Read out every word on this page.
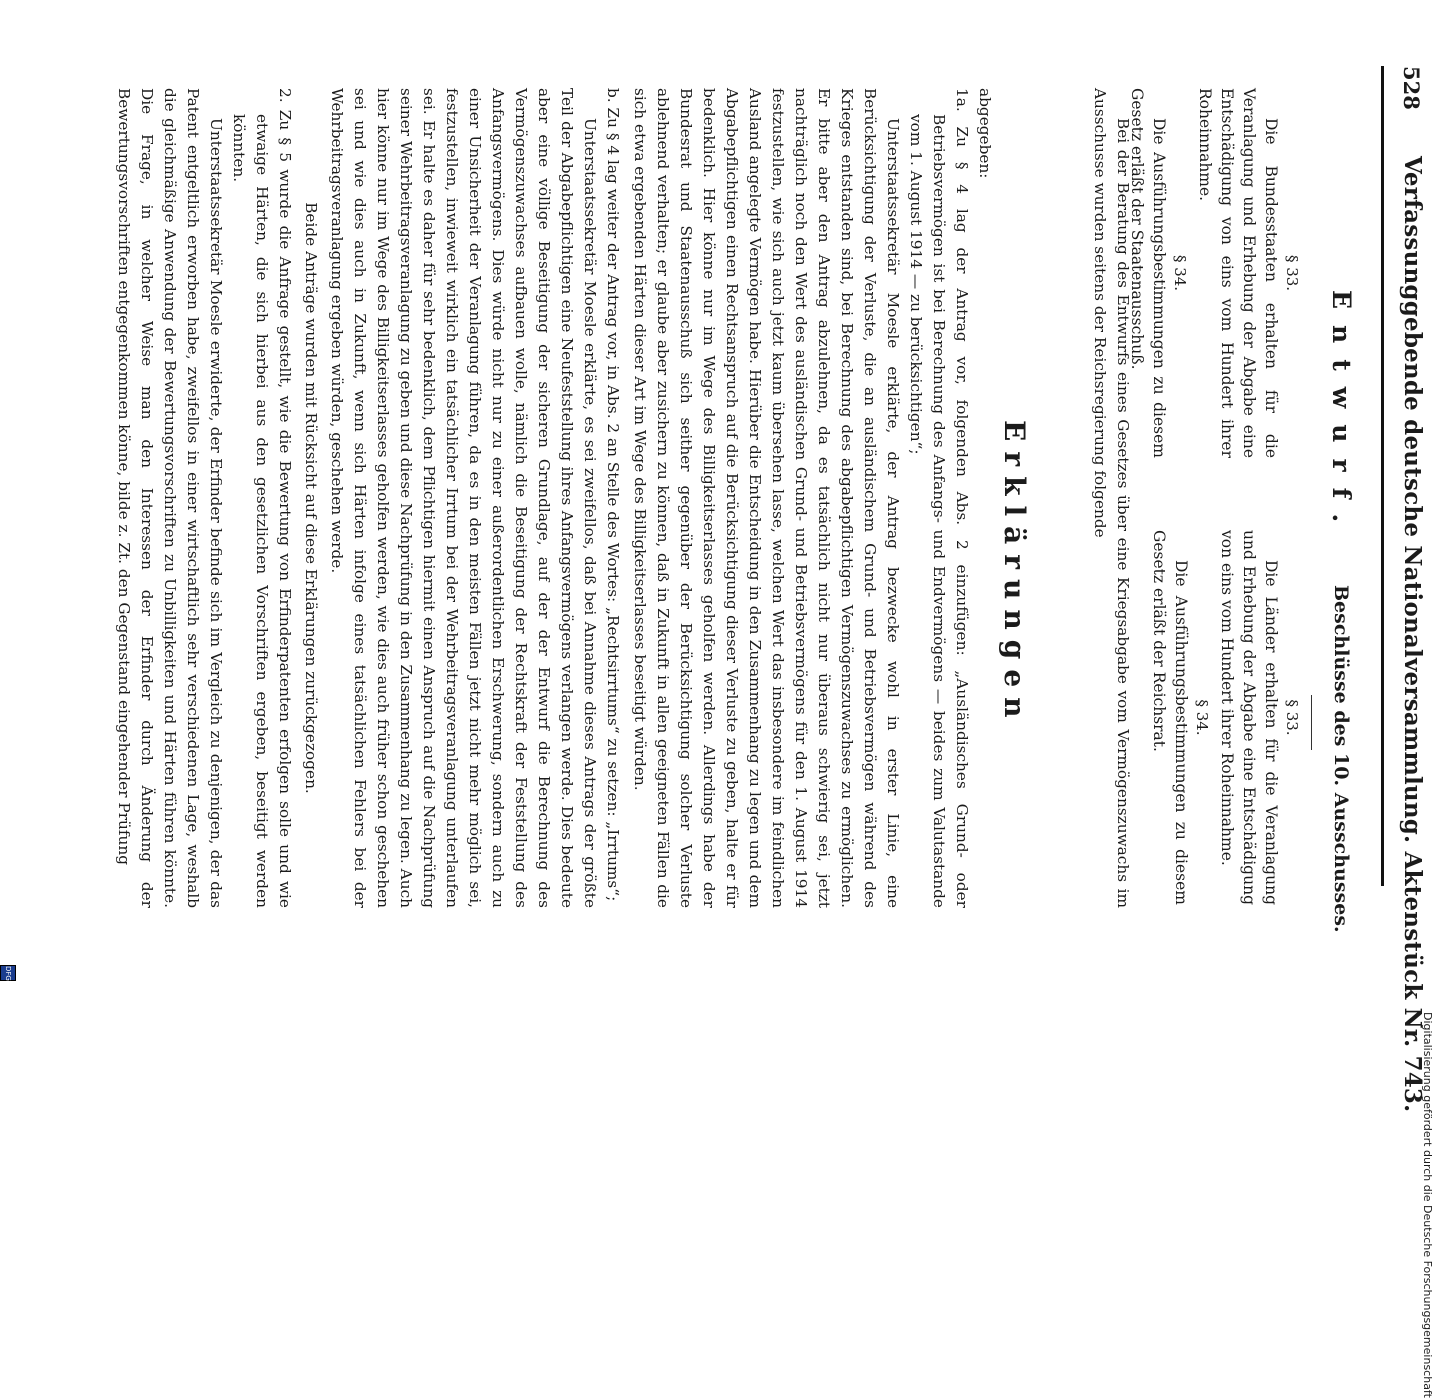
528
Verfassunggebende deutsche Nationalversammlung. Aktenstück Nr. 743.
Entwurf.
Beschlüsse des 10. Ausschusses.

§ 33.

Die Bundesstaaten erhalten für die Veranlagung und Erhebung der Abgabe eine Entschädigung von eins vom Hundert ihrer Roheinnahme.

§ 34.

Die Ausführungsbestimmungen zu diesem Gesetz erläßt der Staatenausschuß.

§ 33.

Die Länder erhalten für die Veranlagung und Erhebung der Abgabe eine Entschädigung von eins vom Hundert ihrer Roheinnahme.

§ 34.

Die Ausführungsbestimmungen zu diesem Gesetz erläßt der Reichsrat.

Bei der Beratung des Entwurfs eines Gesetzes über eine Kriegsabgabe vom Vermögenszuwachs im Ausschusse wurden seitens der Reichsregierung folgende

Erklärungen

abgegeben:

1a. Zu § 4 lag der Antrag vor, folgenden Abs. 2 einzufügen: „Ausländisches Grund- oder Betriebsvermögen ist bei Berechnung des Anfangs- und Endvermögens — beides zum Valutastande vom 1. August 1914 — zu berücksichtigen“;

Unterstaatssekretär Moesle erklärte, der Antrag bezwecke wohl in erster Linie, eine Berücksichtigung der Verluste, die an ausländischem Grund- und Betriebsvermögen während des Krieges entstanden sind, bei Berechnung des abgabepflichtigen Vermögenszuwachses zu ermöglichen. Er bitte aber den Antrag abzulehnen, da es tatsächlich nicht nur überaus schwierig sei, jetzt nachträglich noch den Wert des ausländischen Grund- und Betriebsvermögens für den 1. August 1914 festzustellen, wie sich auch jetzt kaum übersehen lasse, welchen Wert das insbesondere im feindlichen Ausland angelegte Vermögen habe. Hierüber die Entscheidung in den Zusammenhang zu legen und dem Abgabepflichtigen einen Rechtsanspruch auf die Berücksichtigung dieser Verluste zu geben, halte er für bedenklich. Hier könne nur im Wege des Billigkeitserlasses geholfen werden. Allerdings habe der Bundesrat und Staatenausschuß sich seither gegenüber der Berücksichtigung solcher Verluste ablehnend verhalten; er glaube aber zusichern zu können, daß in Zukunft in allen geeigneten Fällen die sich etwa ergebenden Härten dieser Art im Wege des Billigkeitserlasses beseitigt würden.

b. Zu § 4 lag weiter der Antrag vor, in Abs. 2 an Stelle des Wortes: „Rechtsirrtums“ zu setzen: „Irrtums“;

Unterstaatssekretär Moesle erklärte, es sei zweifellos, daß bei Annahme dieses Antrags der größte Teil der Abgabepflichtigen eine Neufeststellung ihres Anfangsvermögens verlangen werde. Dies bedeute aber eine völlige Beseitigung der sicheren Grundlage, auf der der Entwurf die Berechnung des Vermögenszuwachses aufbauen wolle, nämlich die Beseitigung der Rechtskraft der Feststellung des Anfangsvermögens. Dies würde nicht nur zu einer außerordentlichen Erschwerung, sondern auch zu einer Unsicherheit der Veranlagung führen, da es in den meisten Fällen jetzt nicht mehr möglich sei, festzustellen, inwieweit wirklich ein tatsächlicher Irrtum bei der Wehrbeitragsveranlagung unterlaufen sei. Er halte es daher für sehr bedenklich, dem Pflichtigen hiermit einen Anspruch auf die Nachprüfung seiner Wehrbeitragsveranlagung zu geben und diese Nachprüfung in den Zusammenhang zu legen. Auch hier könne nur im Wege des Billigkeitserlasses geholfen werden, wie dies auch früher schon geschehen sei und wie dies auch in Zukunft, wenn sich Härten infolge eines tatsächlichen Fehlers bei der Wehrbeitragsveranlagung ergeben würden, geschehen werde.

Beide Anträge wurden mit Rücksicht auf diese Erklärungen zurückgezogen.

2. Zu § 5 wurde die Anfrage gestellt, wie die Bewertung von Erfinderpatenten erfolgen solle und wie etwaige Härten, die sich hierbei aus den gesetzlichen Vorschriften ergeben, beseitigt werden könnten.

Unterstaatssekretär Moesle erwiderte, der Erfinder befinde sich im Vergleich zu denjenigen, der das Patent entgeltlich erworben habe, zweifellos in einer wirtschaftlich sehr verschiedenen Lage, weshalb die gleichmäßige Anwendung der Bewertungsvorschriften zu Unbilligkeiten und Härten führen könnte. Die Frage, in welcher Weise man den Interessen der Erfinder durch Änderung der Bewertungsvorschriften entgegenkommen könne, bilde z. Zt. den Gegenstand eingehender Prüfung

Digitalisierung gefördert durch die Deutsche Forschungsgemeinschaft
DFG
